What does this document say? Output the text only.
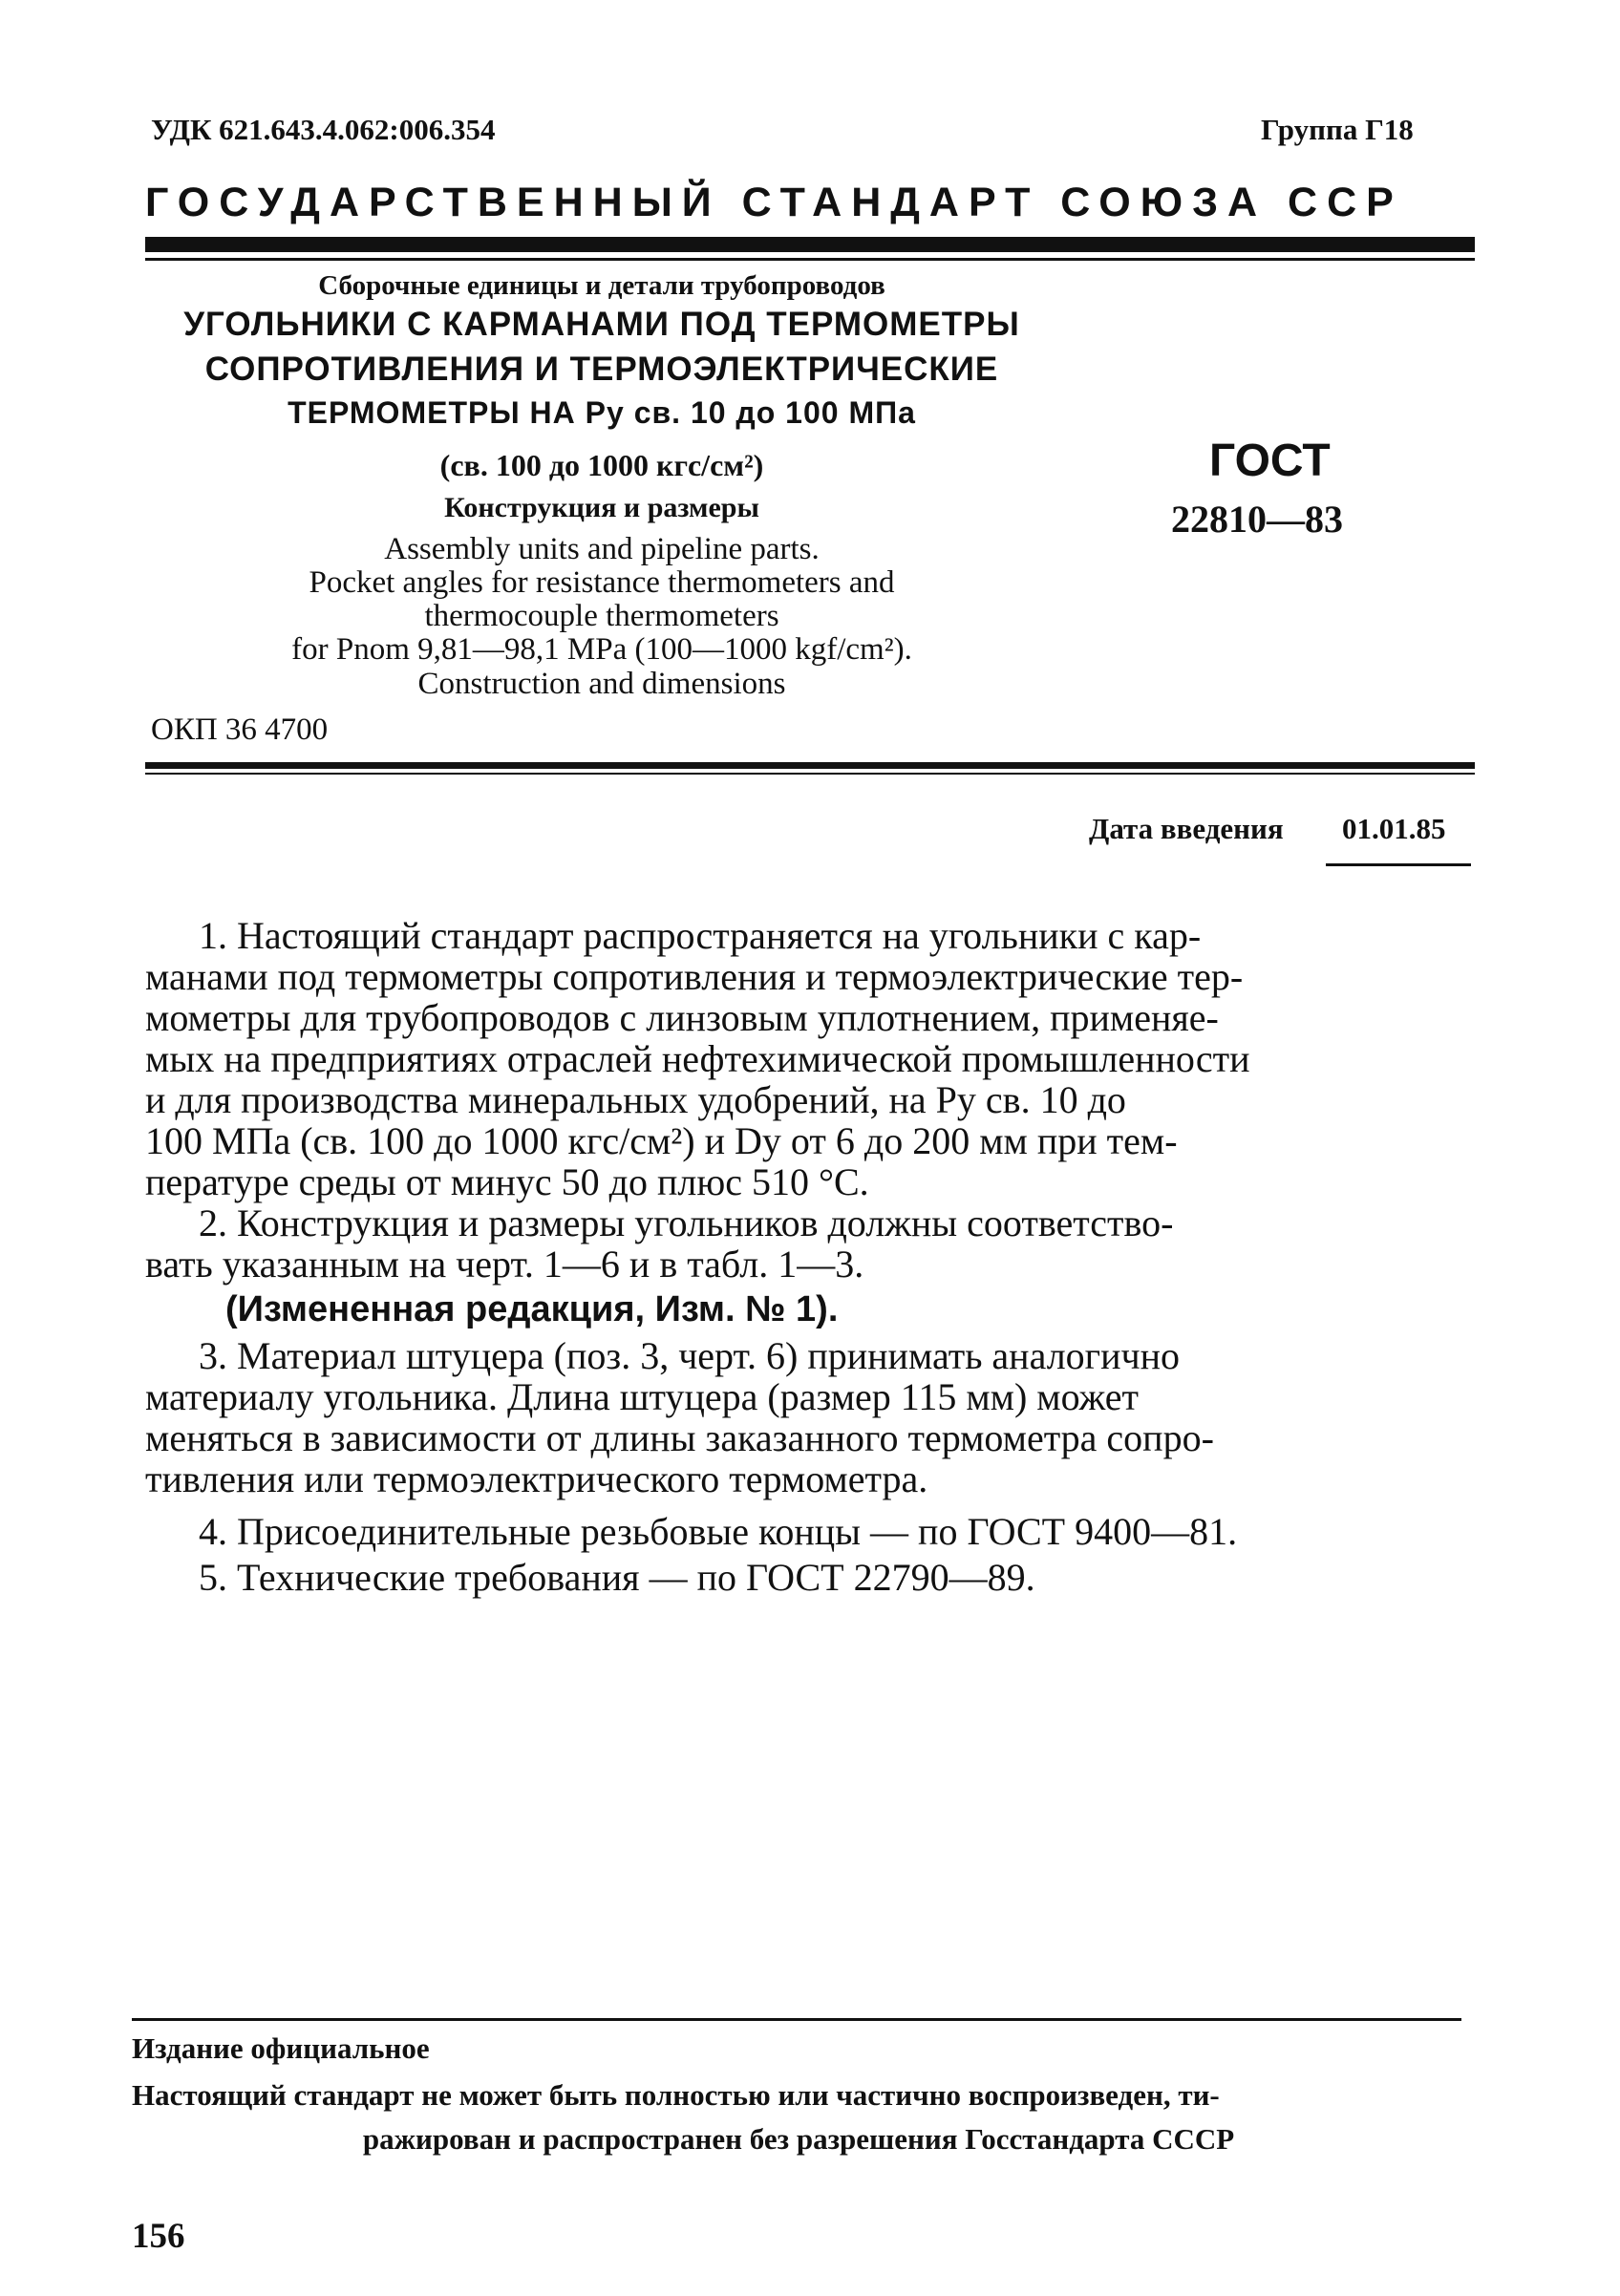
УДК 621.643.4.062:006.354	Группа Г18
ГОСУДАРСТВЕННЫЙ СТАНДАРТ СОЮЗА ССР
Сборочные единицы и детали трубопроводов
УГОЛЬНИКИ С КАРМАНАМИ ПОД ТЕРМОМЕТРЫ
СОПРОТИВЛЕНИЯ И ТЕРМОЭЛЕКТРИЧЕСКИЕ
ТЕРМОМЕТРЫ НА Pу св. 10 до 100 МПа
(св. 100 до 1000 кгс/см²)
Конструкция и размеры
Assembly units and pipeline parts.
Pocket angles for resistance thermometers and
thermocouple thermometers
for Pnom 9,81—98,1 MPa (100—1000 kgf/cm²).
Construction and dimensions
ОКП 36 4700
ГОСТ
22810—83
Дата введения 01.01.85
1. Настоящий стандарт распространяется на угольники с кар-
манами под термометры сопротивления и термоэлектрические тер-
мометры для трубопроводов с линзовым уплотнением, применяе-
мых на предприятиях отраслей нефтехимической промышленности
и для производства минеральных удобрений, на Pу св. 10 до
100 МПа (св. 100 до 1000 кгс/см²) и Dу от 6 до 200 мм при тем-
пературе среды от минус 50 до плюс 510 °С.
2. Конструкция и размеры угольников должны соответство-
вать указанным на черт. 1—6 и в табл. 1—3.
(Измененная редакция, Изм. № 1).
3. Материал штуцера (поз. 3, черт. 6) принимать аналогично
материалу угольника. Длина штуцера (размер 115 мм) может
меняться в зависимости от длины заказанного термометра сопро-
тивления или термоэлектрического термометра.
4. Присоединительные резьбовые концы — по ГОСТ 9400—81.
5. Технические требования — по ГОСТ 22790—89.
Издание официальное
Настоящий стандарт не может быть полностью или частично воспроизведен, ти-
ражирован и распространен без разрешения Госстандарта СССР
156
